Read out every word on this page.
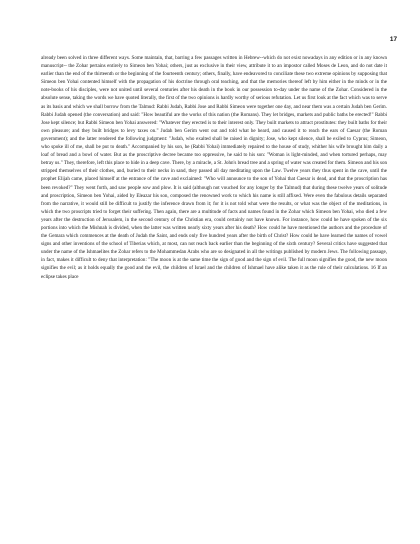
17

already been solved in three different ways. Some maintain, that, barring a few passages written in Hebrew--which do not exist nowadays in any edition or in any known manuscript-- the Zohar pertains entirely to Simeon ben Yohai; others, just as exclusive in their view, attribute it to an impostor called Moses de Leon, and do not date it earlier than the end of the thirteenth or the beginning of the fourteenth century; others, finally, have endeavored to conciliate these two extreme opinions by supposing that Simeon ben Yohai contented himself with the propagation of his doctrine through oral teaching, and that the memories thereof left by him either in the minds or in the note-books of his disciples, were not united until several centuries after his death in the book in our possession to-day under the name of the Zohar. Considered in the absolute sense, taking the words we have quoted literally, the first of the two opinions is hardly worthy of serious refutation. Let us first look at the fact which was to serve as its basis and which we shall borrow from the Talmud: Rabbi Judah, Rabbi Jose and Rabbi Simeon were together one day, and near them was a certain Judah ben Gerim. Rabbi Judah opened (the conversation) and said: "How beautiful are the works of this nation (the Romans). They let bridges, markets and public baths be erected!" Rabbi Jose kept silence; but Rabbi Simeon ben Yohai answered: "Whatever they erected is to their interest only. They built markets to attract prostitutes: they built baths for their own pleasure; and they built bridges to levy taxes on." Judah ben Gerim went out and told what he heard, and caused it to reach the ears of Caesar (the Roman government); and the latter rendered the following judgment: "Judah, who exalted shall be raised in dignity; Jose, who kept silence, shall be exiled to Cyprus; Simeon, who spoke ill of me, shall be put to death." Accompanied by his son, he (Rabbi Yohai) immediately repaired to the house of study, whither his wife brought him daily a loaf of bread and a bowl of water. But as the proscriptive decree became too oppressive, he said to his son: "Woman is light-minded, and when tortured perhaps, may betray us." They, therefore, left this place to hide in a deep cave. There, by a miracle, a St. John's bread tree and a spring of water was created for them. Simeon and his son stripped themselves of their clothes, and, buried to their necks in sand, they passed all day meditating upon the Law. Twelve years they thus spent in the cave, until the prophet Elijah came, placed himself at the entrance of the cave and exclaimed: "Who will announce to the son of Yohai that Caesar is dead, and that the proscription has been revoked?" They went forth, and saw people sow and plow. It is said (although not vouched for any longer by the Talmud) that during these twelve years of solitude and proscription, Simeon ben Yohai, aided by Eleazar his son, composed the renowned work to which his name is still affixed. Were even the fabulous details separated from the narrative, it would still be difficult to justify the inference drawn from it; for it is not told what were the results, or what was the object of the meditations, in which the two proscripts tried to forget their suffering. Then again, there are a multitude of facts and names found in the Zohar which Simeon ben Yohai, who died a few years after the destruction of Jerusalem, in the second century of the Christian era, could certainly not have known. For instance, how could he have spoken of the six portions into which the Mishnah is divided, when the latter was written nearly sixty years after his death? How could he have mentioned the authors and the procedure of the Gemara which commences at the death of Judah the Saint, and ends only five hundred years after the birth of Christ? How could he have learned the names of vowel signs and other inventions of the school of Tiberias which, at most, can not reach back earlier than the beginning of the sixth century? Several critics have suggested that under the name of the Ishmaelites the Zohar refers to the Mohammedan Arabs who are so designated in all the writings published by modern Jews. The following passage, in fact, makes it difficult to deny that interpretation: "The moon is at the same time the sign of good and the sign of evil. The full moon signifies the good, the new moon signifies the evil; as it holds equally the good and the evil, the children of Israel and the children of Ishmael have alike taken it as the rule of their calculations. 16 If an eclipse takes place
